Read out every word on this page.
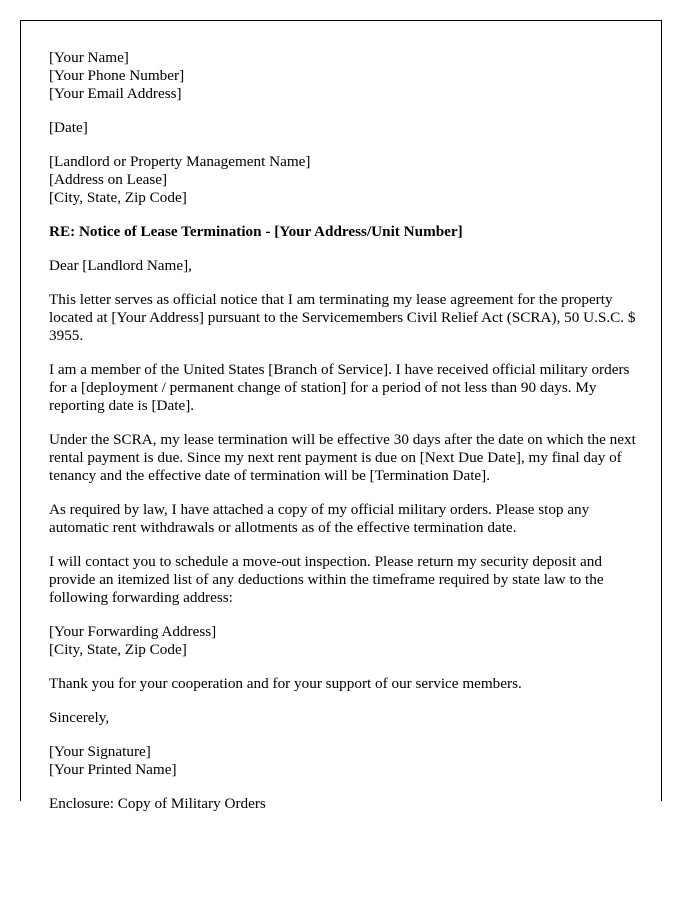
[Your Name]
[Your Phone Number]
[Your Email Address]
[Date]
[Landlord or Property Management Name]
[Address on Lease]
[City, State, Zip Code]
RE: Notice of Lease Termination - [Your Address/Unit Number]
Dear [Landlord Name],

This letter serves as official notice that I am terminating my lease agreement for the property located at [Your Address] pursuant to the Servicemembers Civil Relief Act (SCRA), 50 U.S.C. $ 3955.

I am a member of the United States [Branch of Service]. I have received official military orders for a [deployment / permanent change of station] for a period of not less than 90 days. My reporting date is [Date].

Under the SCRA, my lease termination will be effective 30 days after the date on which the next rental payment is due. Since my next rent payment is due on [Next Due Date], my final day of tenancy and the effective date of termination will be [Termination Date].

As required by law, I have attached a copy of my official military orders. Please stop any automatic rent withdrawals or allotments as of the effective termination date.

I will contact you to schedule a move-out inspection. Please return my security deposit and provide an itemized list of any deductions within the timeframe required by state law to the following forwarding address:

[Your Forwarding Address]
[City, State, Zip Code]
Thank you for your cooperation and for your support of our service members.
Sincerely,
[Your Signature]
[Your Printed Name]
Enclosure: Copy of Military Orders
